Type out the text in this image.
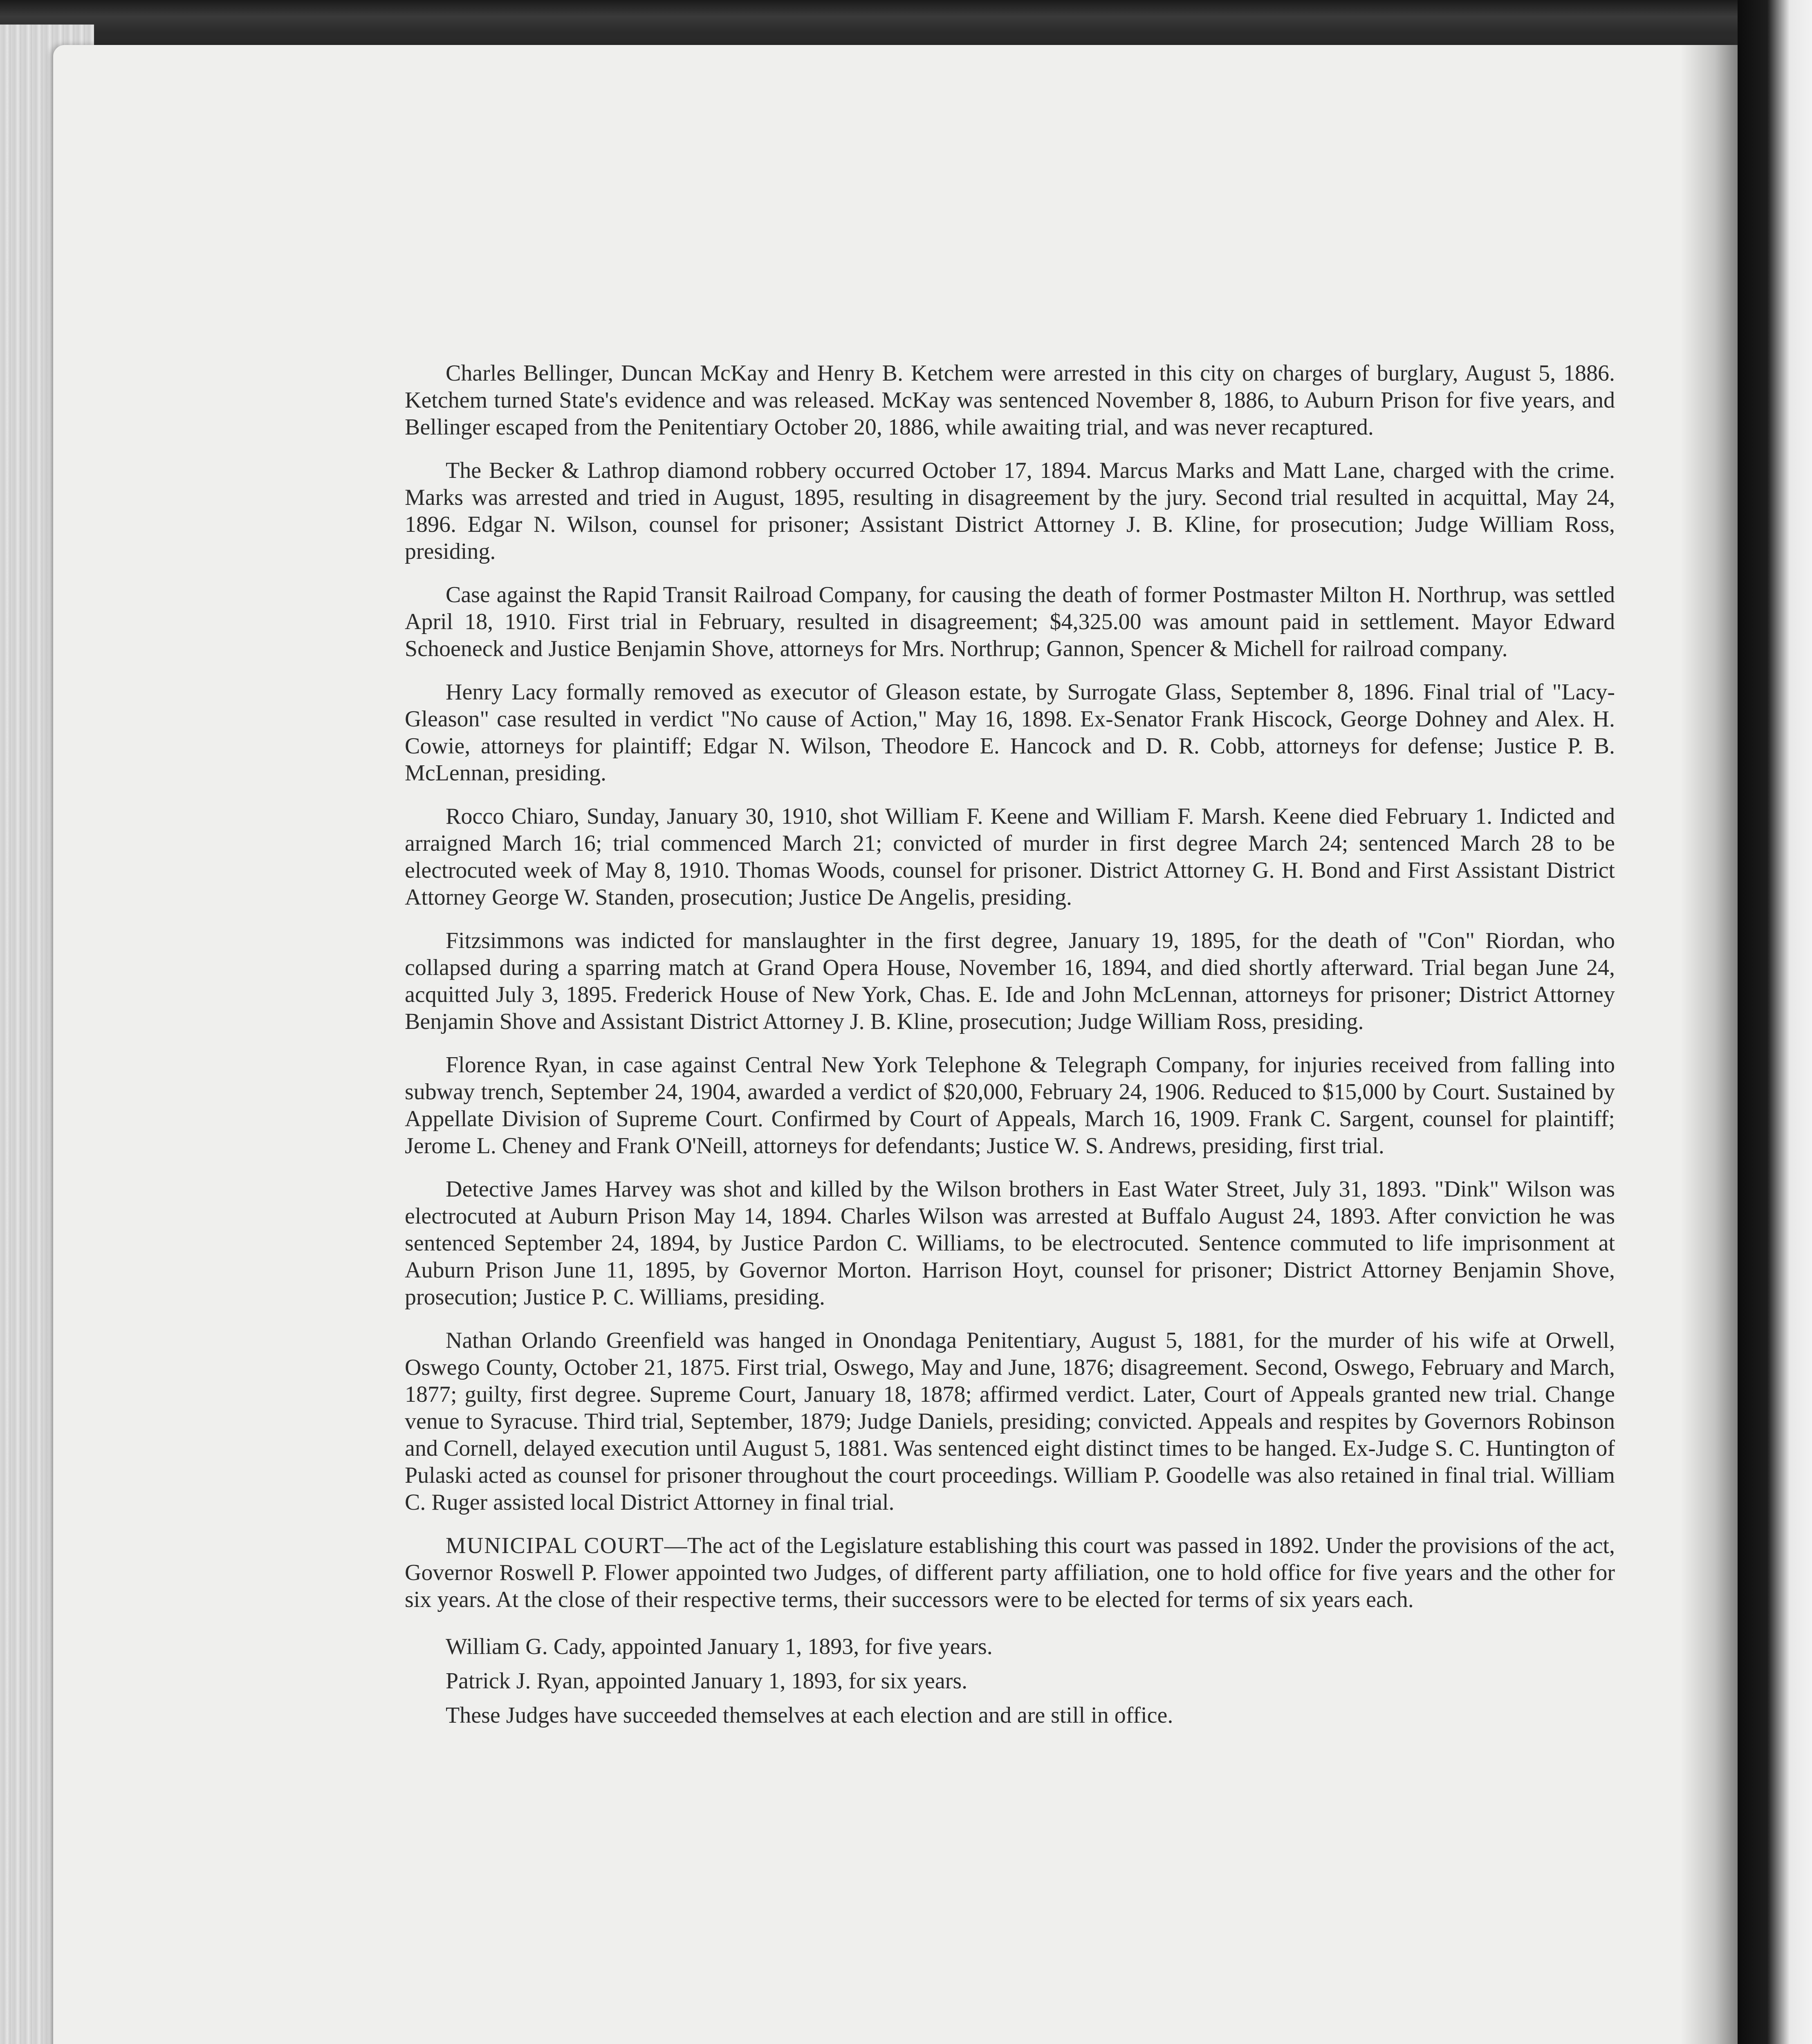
Charles Bellinger, Duncan McKay and Henry B. Ketchem were arrested in this city on charges of burglary, August 5, 1886. Ketchem turned State's evidence and was released. McKay was sentenced November 8, 1886, to Auburn Prison for five years, and Bellinger escaped from the Penitentiary October 20, 1886, while awaiting trial, and was never recaptured.

The Becker & Lathrop diamond robbery occurred October 17, 1894. Marcus Marks and Matt Lane, charged with the crime. Marks was arrested and tried in August, 1895, resulting in disagreement by the jury. Second trial resulted in acquittal, May 24, 1896. Edgar N. Wilson, counsel for prisoner; Assistant District Attorney J. B. Kline, for prosecution; Judge William Ross, presiding.

Case against the Rapid Transit Railroad Company, for causing the death of former Postmaster Milton H. Northrup, was settled April 18, 1910. First trial in February, resulted in disagreement; $4,325.00 was amount paid in settlement. Mayor Edward Schoeneck and Justice Benjamin Shove, attorneys for Mrs. Northrup; Gannon, Spencer & Michell for railroad company.

Henry Lacy formally removed as executor of Gleason estate, by Surrogate Glass, September 8, 1896. Final trial of "Lacy-Gleason" case resulted in verdict "No cause of Action," May 16, 1898. Ex-Senator Frank Hiscock, George Dohney and Alex. H. Cowie, attorneys for plaintiff; Edgar N. Wilson, Theodore E. Hancock and D. R. Cobb, attorneys for defense; Justice P. B. McLennan, presiding.

Rocco Chiaro, Sunday, January 30, 1910, shot William F. Keene and William F. Marsh. Keene died February 1. Indicted and arraigned March 16; trial commenced March 21; convicted of murder in first degree March 24; sentenced March 28 to be electrocuted week of May 8, 1910. Thomas Woods, counsel for prisoner. District Attorney G. H. Bond and First Assistant District Attorney George W. Standen, prosecution; Justice De Angelis, presiding.

Fitzsimmons was indicted for manslaughter in the first degree, January 19, 1895, for the death of "Con" Riordan, who collapsed during a sparring match at Grand Opera House, November 16, 1894, and died shortly afterward. Trial began June 24, acquitted July 3, 1895. Frederick House of New York, Chas. E. Ide and John McLennan, attorneys for prisoner; District Attorney Benjamin Shove and Assistant District Attorney J. B. Kline, prosecution; Judge William Ross, presiding.

Florence Ryan, in case against Central New York Telephone & Telegraph Company, for injuries received from falling into subway trench, September 24, 1904, awarded a verdict of $20,000, February 24, 1906. Reduced to $15,000 by Court. Sustained by Appellate Division of Supreme Court. Confirmed by Court of Appeals, March 16, 1909. Frank C. Sargent, counsel for plaintiff; Jerome L. Cheney and Frank O'Neill, attorneys for defendants; Justice W. S. Andrews, presiding, first trial.

Detective James Harvey was shot and killed by the Wilson brothers in East Water Street, July 31, 1893. "Dink" Wilson was electrocuted at Auburn Prison May 14, 1894. Charles Wilson was arrested at Buffalo August 24, 1893. After conviction he was sentenced September 24, 1894, by Justice Pardon C. Williams, to be electrocuted. Sentence commuted to life imprisonment at Auburn Prison June 11, 1895, by Governor Morton. Harrison Hoyt, counsel for prisoner; District Attorney Benjamin Shove, prosecution; Justice P. C. Williams, presiding.

Nathan Orlando Greenfield was hanged in Onondaga Penitentiary, August 5, 1881, for the murder of his wife at Orwell, Oswego County, October 21, 1875. First trial, Oswego, May and June, 1876; disagreement. Second, Oswego, February and March, 1877; guilty, first degree. Supreme Court, January 18, 1878; affirmed verdict. Later, Court of Appeals granted new trial. Change venue to Syracuse. Third trial, September, 1879; Judge Daniels, presiding; convicted. Appeals and respites by Governors Robinson and Cornell, delayed execution until August 5, 1881. Was sentenced eight distinct times to be hanged. Ex-Judge S. C. Huntington of Pulaski acted as counsel for prisoner throughout the court proceedings. William P. Goodelle was also retained in final trial. William C. Ruger assisted local District Attorney in final trial.

MUNICIPAL COURT—The act of the Legislature establishing this court was passed in 1892. Under the provisions of the act, Governor Roswell P. Flower appointed two Judges, of different party affiliation, one to hold office for five years and the other for six years. At the close of their respective terms, their successors were to be elected for terms of six years each.

William G. Cady, appointed January 1, 1893, for five years.

Patrick J. Ryan, appointed January 1, 1893, for six years.

These Judges have succeeded themselves at each election and are still in office.
